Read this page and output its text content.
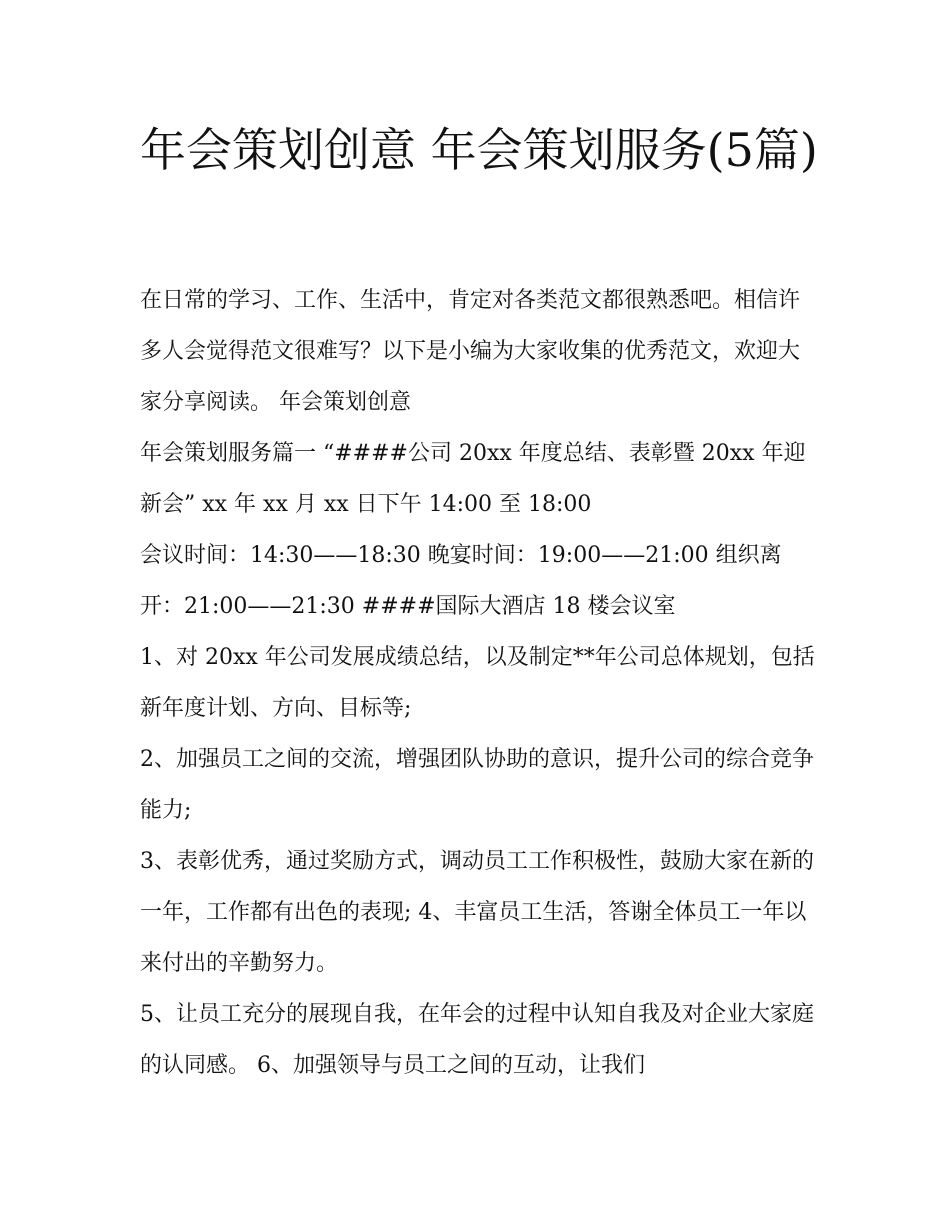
年会策划创意 年会策划服务(5篇)

在日常的学习、工作、生活中，肯定对各类范文都很熟悉吧。相信许多人会觉得范文很难写？以下是小编为大家收集的优秀范文，欢迎大家分享阅读。 年会策划创意

年会策划服务篇一 “####公司 20xx 年度总结、表彰暨 20xx 年迎新会” xx 年 xx 月 xx 日下午 14:00 至 18:00

会议时间：14:30——18:30 晚宴时间：19:00——21:00 组织离开：21:00——21:30 ####国际大酒店 18 楼会议室

1、对 20xx 年公司发展成绩总结，以及制定**年公司总体规划，包括新年度计划、方向、目标等;

2、加强员工之间的交流，增强团队协助的意识，提升公司的综合竞争能力;

3、表彰优秀，通过奖励方式，调动员工工作积极性，鼓励大家在新的一年，工作都有出色的表现; 4、丰富员工生活，答谢全体员工一年以来付出的辛勤努力。

5、让员工充分的展现自我，在年会的过程中认知自我及对企业大家庭的认同感。 6、加强领导与员工之间的互动，让我们
